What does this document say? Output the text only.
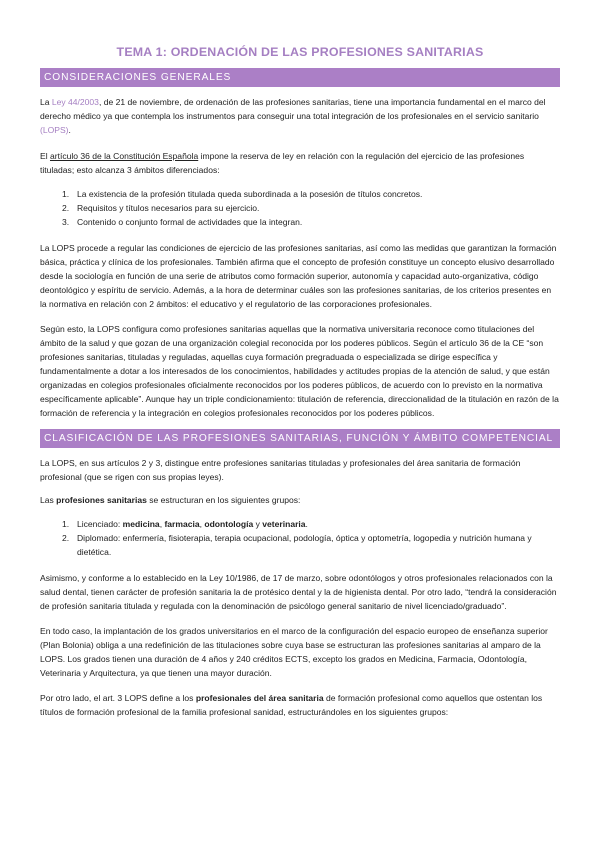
TEMA 1: ORDENACIÓN DE LAS PROFESIONES SANITARIAS
CONSIDERACIONES GENERALES

La Ley 44/2003, de 21 de noviembre, de ordenación de las profesiones sanitarias, tiene una importancia fundamental en el marco del derecho médico ya que contempla los instrumentos para conseguir una total integración de los profesionales en el servicio sanitario (LOPS).

El artículo 36 de la Constitución Española impone la reserva de ley en relación con la regulación del ejercicio de las profesiones tituladas; esto alcanza 3 ámbitos diferenciados:

1. La existencia de la profesión titulada queda subordinada a la posesión de títulos concretos.
2. Requisitos y títulos necesarios para su ejercicio.
3. Contenido o conjunto formal de actividades que la integran.

La LOPS procede a regular las condiciones de ejercicio de las profesiones sanitarias, así como las medidas que garantizan la formación básica, práctica y clínica de los profesionales. También afirma que el concepto de profesión constituye un concepto elusivo desarrollado desde la sociología en función de una serie de atributos como formación superior, autonomía y capacidad auto-organizativa, código deontológico y espíritu de servicio. Además, a la hora de determinar cuáles son las profesiones sanitarias, de los criterios presentes en la normativa en relación con 2 ámbitos: el educativo y el regulatorio de las corporaciones profesionales.

Según esto, la LOPS configura como profesiones sanitarias aquellas que la normativa universitaria reconoce como titulaciones del ámbito de la salud y que gozan de una organización colegial reconocida por los poderes públicos. Según el artículo 36 de la CE “son profesiones sanitarias, tituladas y reguladas, aquellas cuya formación pregraduada o especializada se dirige específica y fundamentalmente a dotar a los interesados de los conocimientos, habilidades y actitudes propias de la atención de salud, y que están organizadas en colegios profesionales oficialmente reconocidos por los poderes públicos, de acuerdo con lo previsto en la normativa específicamente aplicable”. Aunque hay un triple condicionamiento: titulación de referencia, direccionalidad de la titulación en razón de la formación de referencia y la integración en colegios profesionales reconocidos por los poderes públicos.

CLASIFICACIÓN DE LAS PROFESIONES SANITARIAS, FUNCIÓN Y ÁMBITO COMPETENCIAL

La LOPS, en sus artículos 2 y 3, distingue entre profesiones sanitarias tituladas y profesionales del área sanitaria de formación profesional (que se rigen con sus propias leyes).

Las profesiones sanitarias se estructuran en los siguientes grupos:

1. Licenciado: medicina, farmacia, odontología y veterinaria.
2. Diplomado: enfermería, fisioterapia, terapia ocupacional, podología, óptica y optometría, logopedia y nutrición humana y dietética.

Asimismo, y conforme a lo establecido en la Ley 10/1986, de 17 de marzo, sobre odontólogos y otros profesionales relacionados con la salud dental, tienen carácter de profesión sanitaria la de protésico dental y la de higienista dental. Por otro lado, “tendrá la consideración de profesión sanitaria titulada y regulada con la denominación de psicólogo general sanitario de nivel licenciado/graduado”.

En todo caso, la implantación de los grados universitarios en el marco de la configuración del espacio europeo de enseñanza superior (Plan Bolonia) obliga a una redefinición de las titulaciones sobre cuya base se estructuran las profesiones sanitarias al amparo de la LOPS. Los grados tienen una duración de 4 años y 240 créditos ECTS, excepto los grados en Medicina, Farmacia, Odontología, Veterinaria y Arquitectura, ya que tienen una mayor duración.

Por otro lado, el art. 3 LOPS define a los profesionales del área sanitaria de formación profesional como aquellos que ostentan los títulos de formación profesional de la familia profesional sanidad, estructurándoles en los siguientes grupos:
